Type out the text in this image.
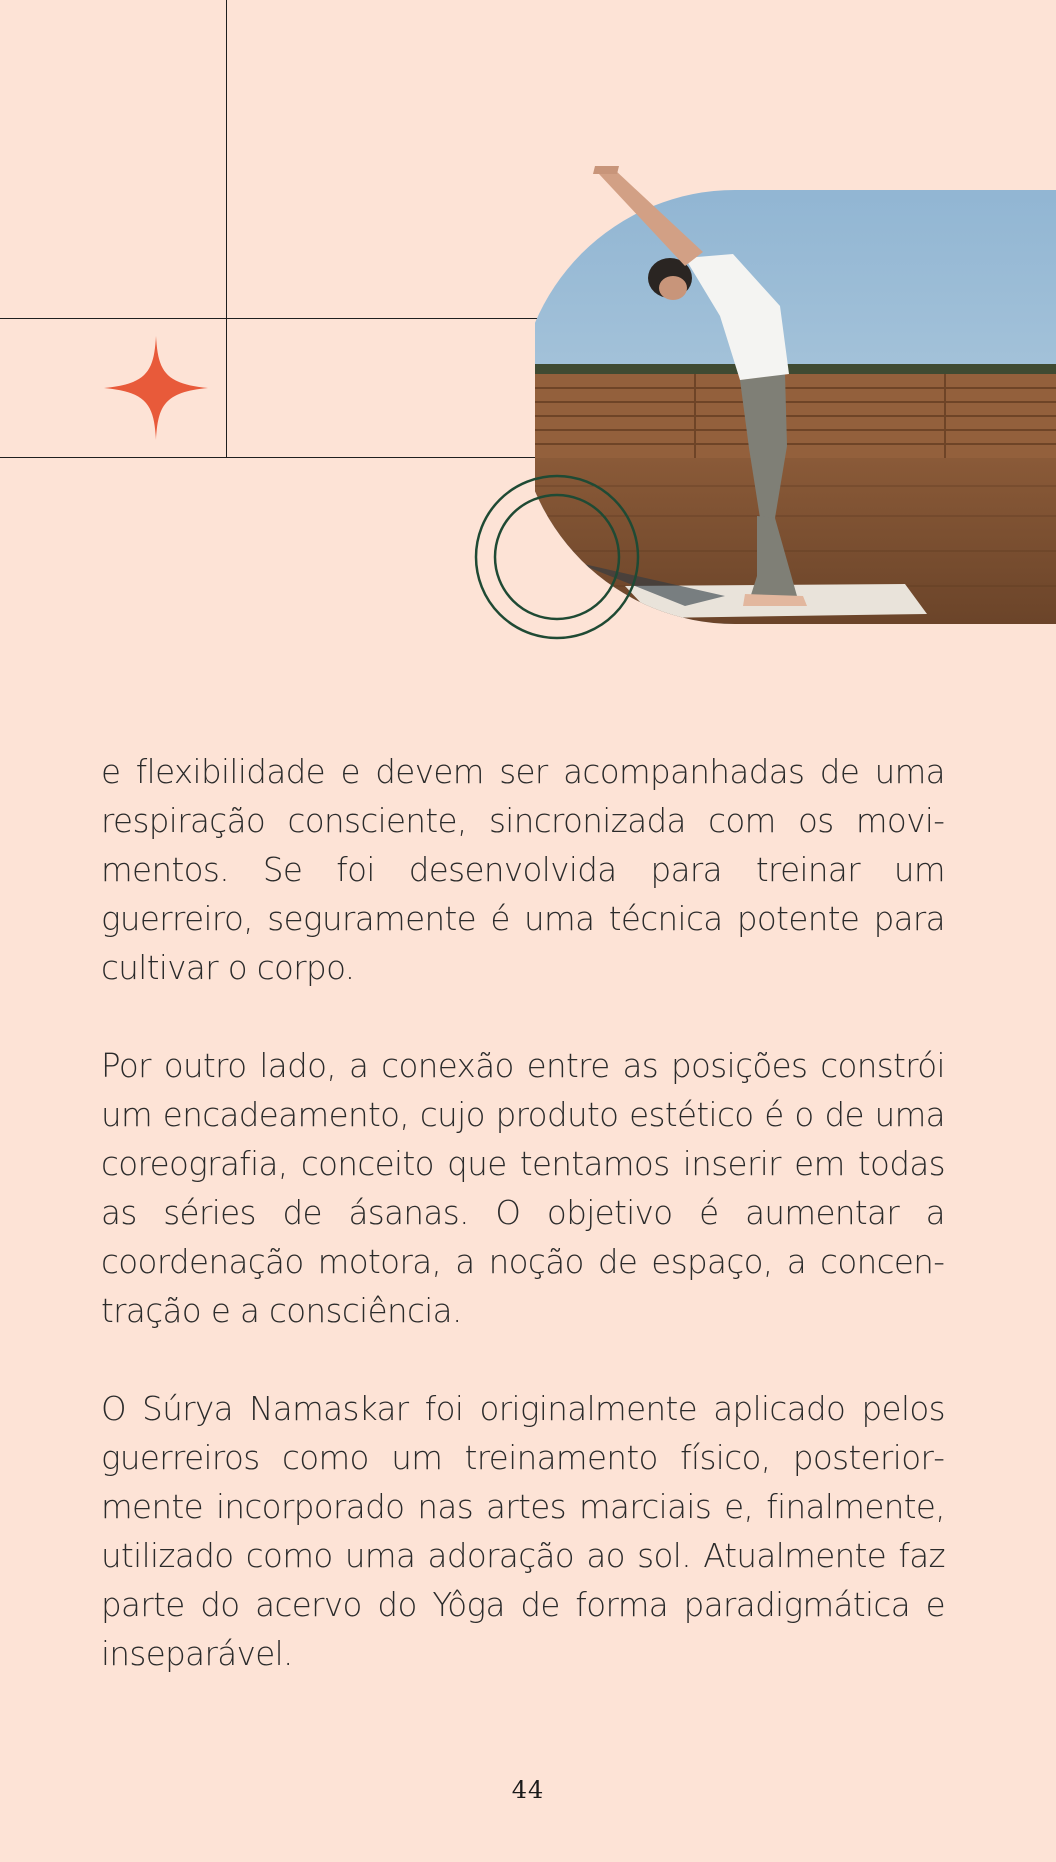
e flexibilidade e devem ser acompanhadas de uma respiração consciente, sincronizada com os movimentos. Se foi desenvolvida para treinar um guerreiro, seguramente é uma técnica potente para cultivar o corpo.

Por outro lado, a conexão entre as posições constrói um encadeamento, cujo produto estético é o de uma coreografia, conceito que tentamos inserir em todas as séries de ásanas. O objetivo é aumentar a coordenação motora, a noção de espaço, a concentração e a consciência.

O Súrya Namaskar foi originalmente aplicado pelos guerreiros como um treinamento físico, posteriormente incorporado nas artes marciais e, finalmente, utilizado como uma adoração ao sol. Atualmente faz parte do acervo do Yôga de forma paradigmática e inseparável.

44
